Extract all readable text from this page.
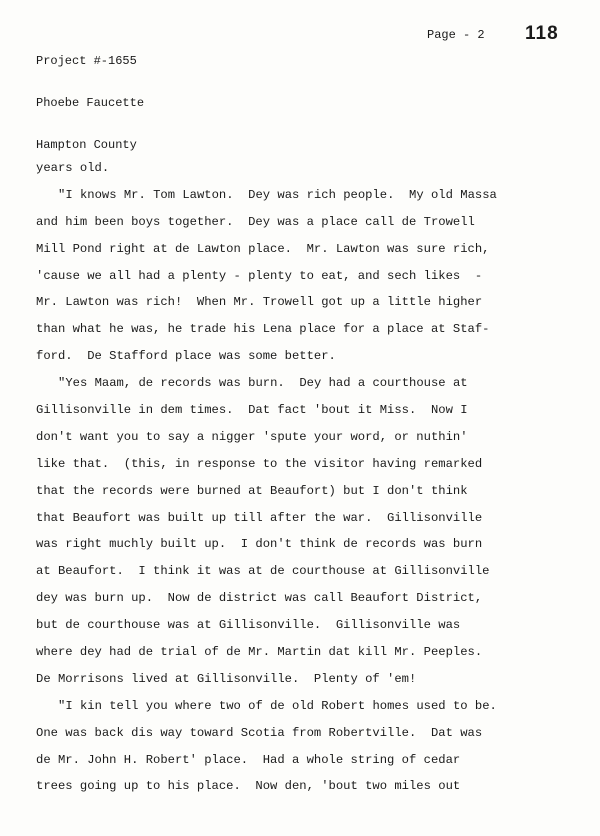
Project #-1655

Phoebe Faucette

Hampton County

Page - 2 118
years old.
"I knows Mr. Tom Lawton.  Dey was rich people.  My old Massa
and him been boys together.  Dey was a place call de Trowell
Mill Pond right at de Lawton place.  Mr. Lawton was sure rich,
'cause we all had a plenty - plenty to eat, and sech likes  -
Mr. Lawton was rich!  When Mr. Trowell got up a little higher
than what he was, he trade his Lena place for a place at Staf-
ford.  De Stafford place was some better.
"Yes Maam, de records was burn.  Dey had a courthouse at
Gillisonville in dem times.  Dat fact 'bout it Miss.  Now I
don't want you to say a nigger 'spute your word, or nuthin'
like that.  (this, in response to the visitor having remarked
that the records were burned at Beaufort) but I don't think
that Beaufort was built up till after the war.  Gillisonville
was right muchly built up.  I don't think de records was burn
at Beaufort.  I think it was at de courthouse at Gillisonville
dey was burn up.  Now de district was call Beaufort District,
but de courthouse was at Gillisonville.  Gillisonville was
where dey had de trial of de Mr. Martin dat kill Mr. Peeples.
De Morrisons lived at Gillisonville.  Plenty of 'em!
"I kin tell you where two of de old Robert homes used to be.
One was back dis way toward Scotia from Robertville.  Dat was
de Mr. John H. Robert' place.  Had a whole string of cedar
trees going up to his place.  Now den, 'bout two miles out
